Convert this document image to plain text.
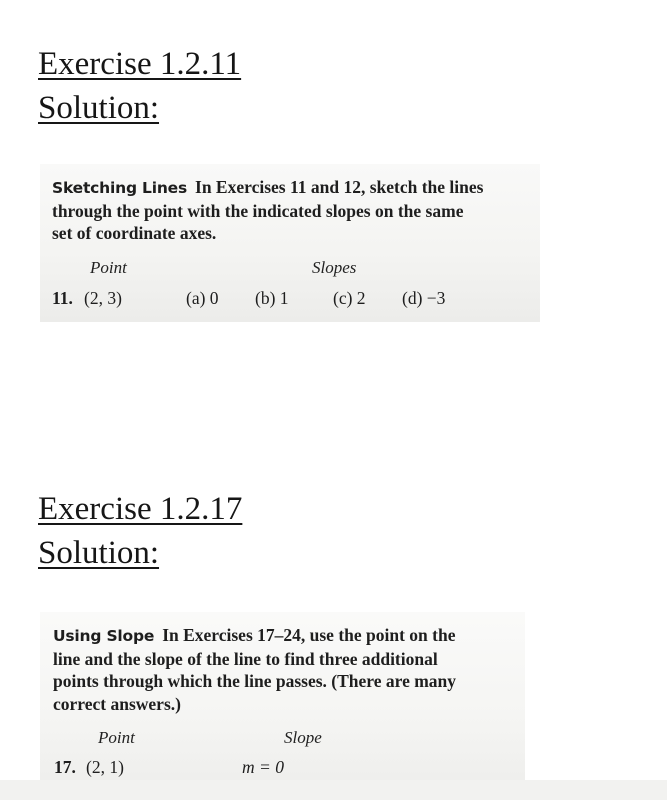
Exercise 1.2.11
Solution:
Sketching Lines In Exercises 11 and 12, sketch the lines
through the point with the indicated slopes on the same
set of coordinate axes.
Point	Slopes
11. (2, 3)	(a) 0 (b) 1	(c) 2 (d) −3
Exercise 1.2.17
Solution:
Using Slope In Exercises 17–24, use the point on the
line and the slope of the line to find three additional
points through which the line passes. (There are many
correct answers.)
Point	Slope
17. (2, 1)	m = 0
